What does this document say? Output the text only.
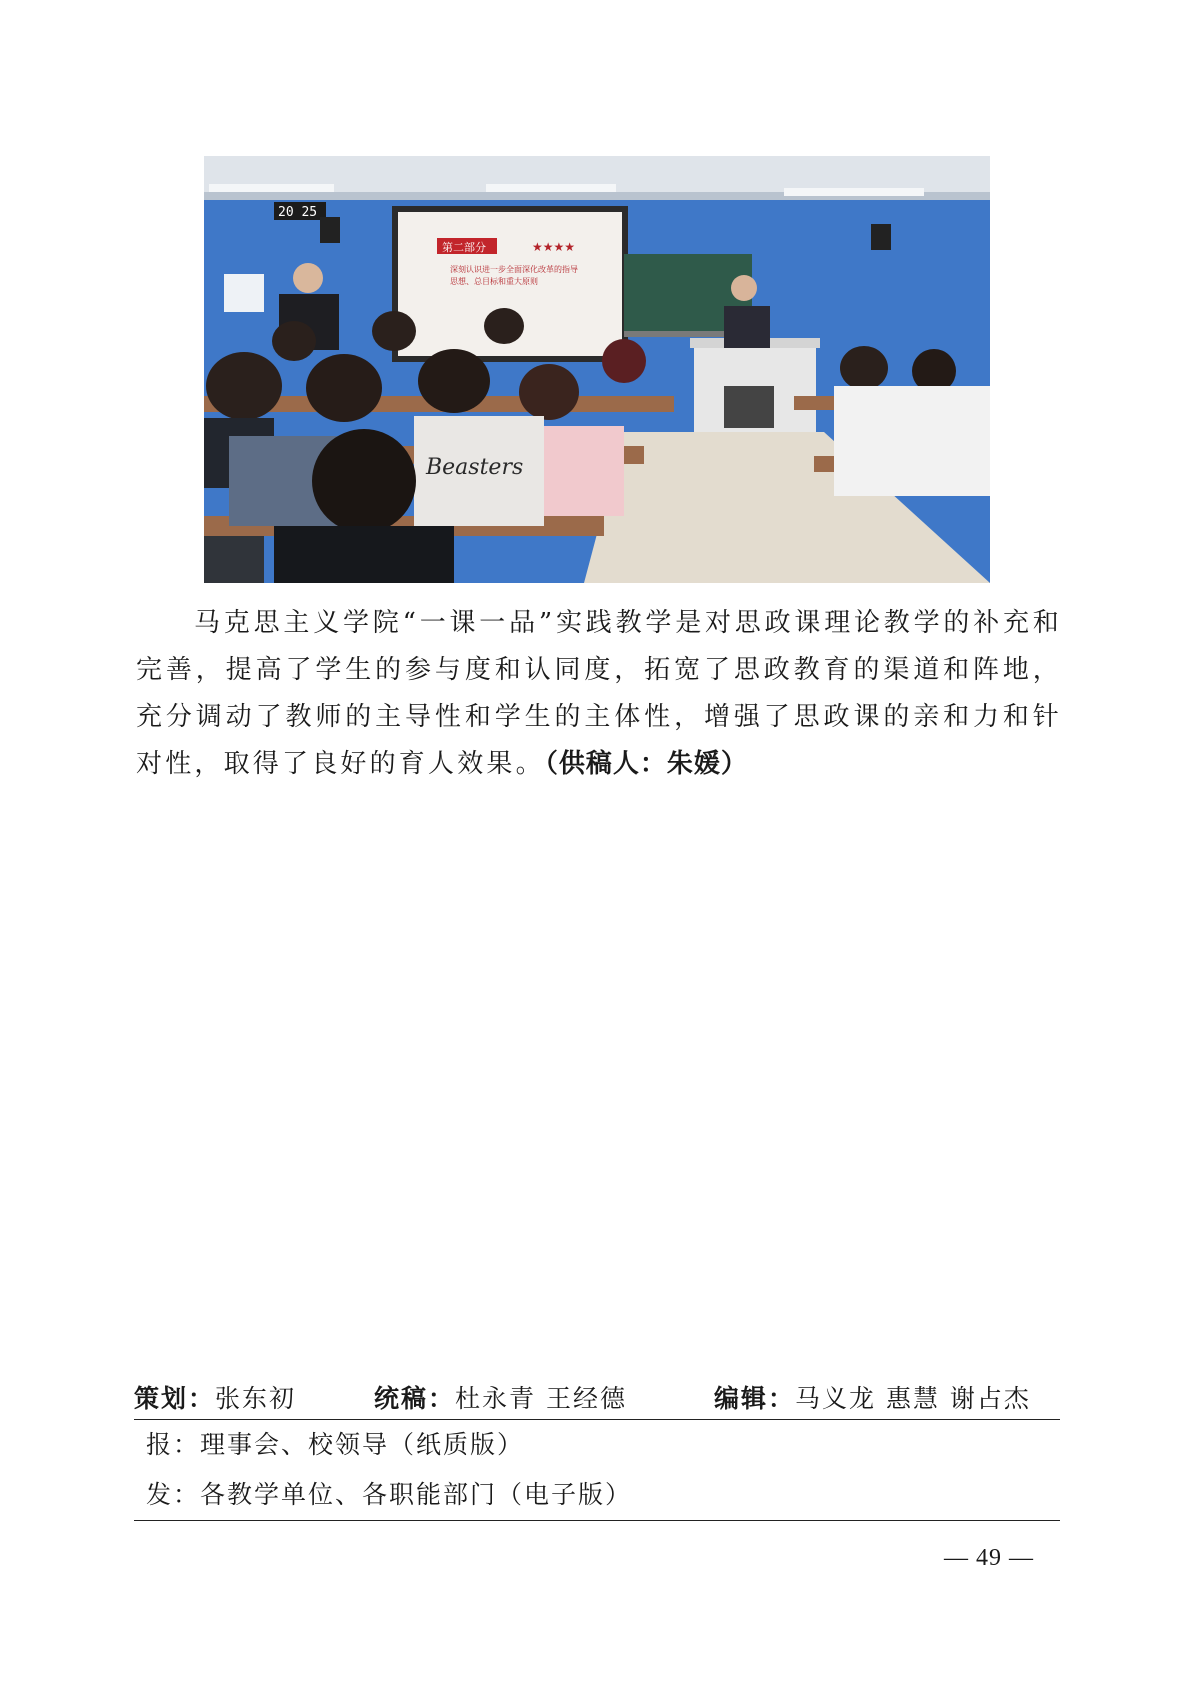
20 25
第二部分	★★★★
深刻认识进一步全面深化改革的指导
思想、总目标和重大原则
Beasters

马克思主义学院“一课一品”实践教学是对思政课理论教学的补充和完善，提高了学生的参与度和认同度，拓宽了思政教育的渠道和阵地，充分调动了教师的主导性和学生的主体性，增强了思政课的亲和力和针对性，取得了良好的育人效果。（供稿人：朱媛）

策划：张东初	统稿：杜永青 王经德	编辑：马义龙 惠慧 谢占杰
报：理事会、校领导（纸质版）
发：各教学单位、各职能部门（电子版）
— 49 —
